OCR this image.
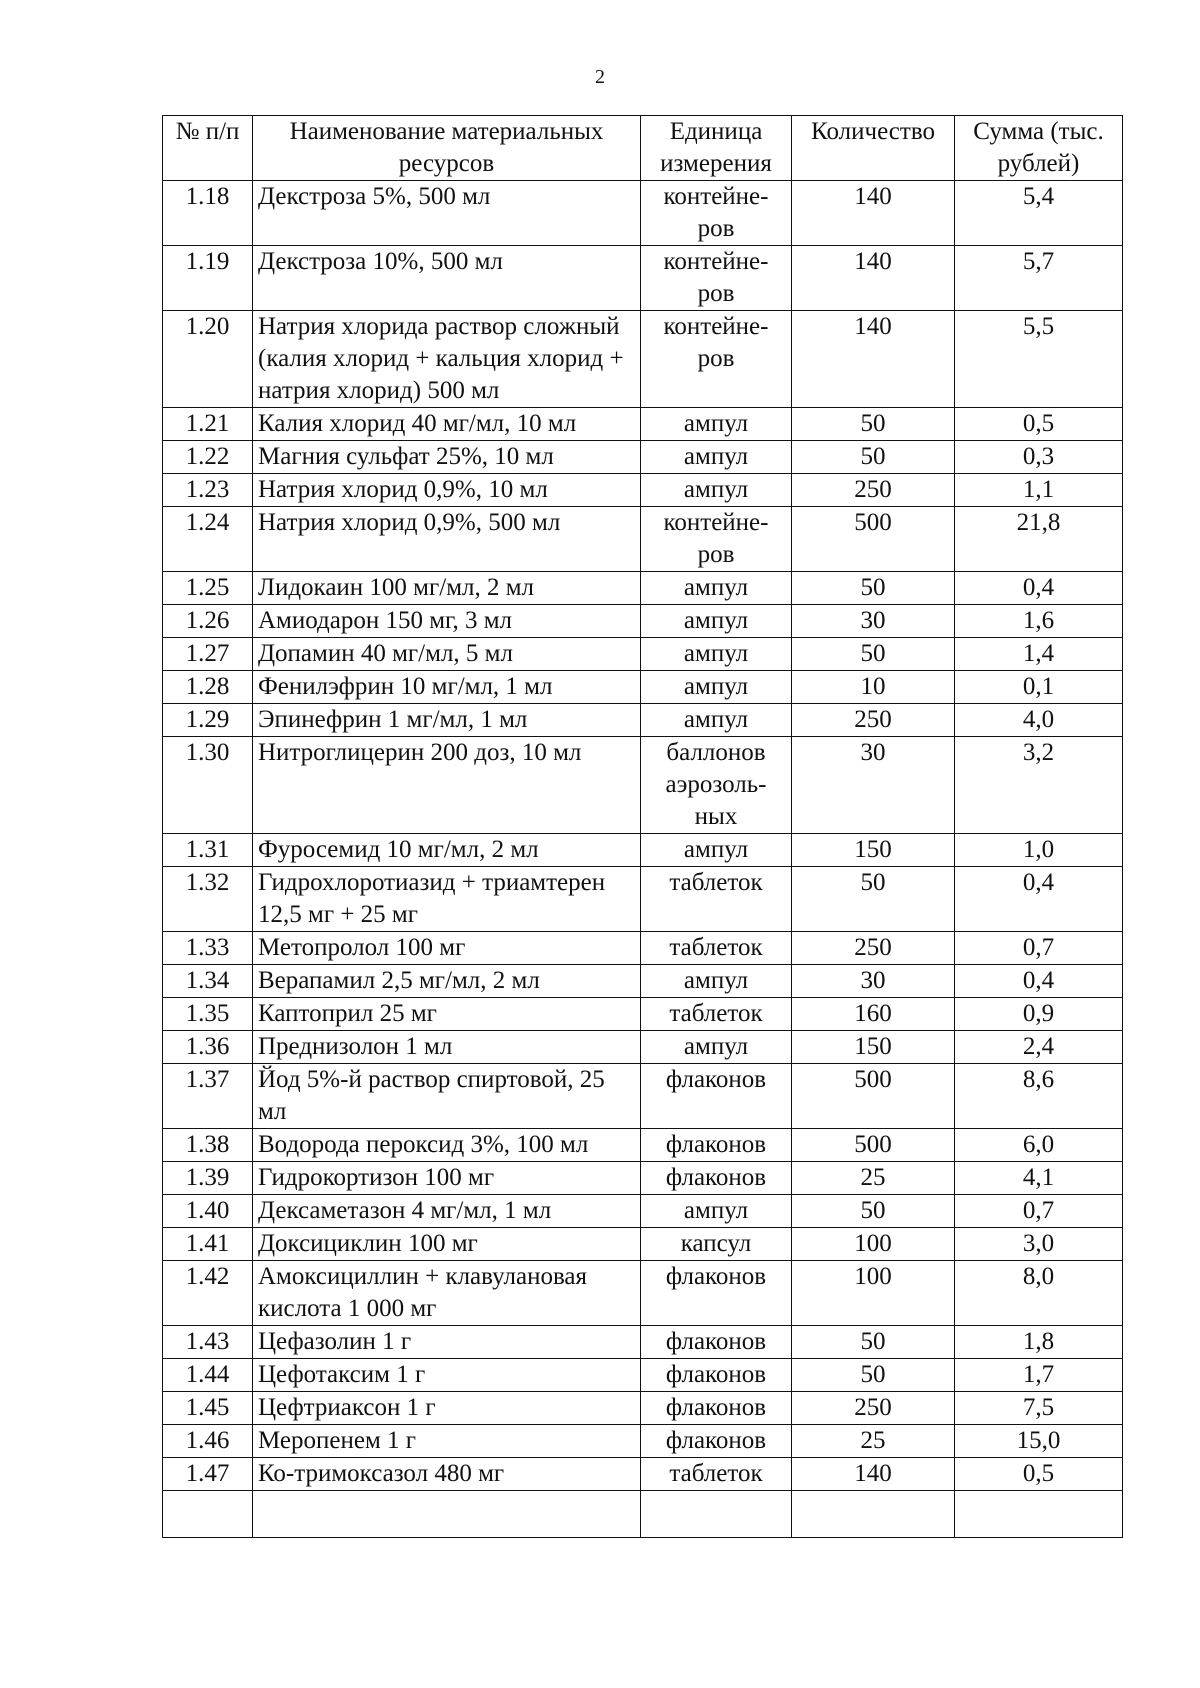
2
№ п/п	Наименование материальных ресурсов	Единица измерения	Количество	Сумма (тыс. рублей)
1.18	Декстроза 5%, 500 мл	контейне-ров	140	5,4
1.19	Декстроза 10%, 500 мл	контейне-ров	140	5,7
1.20	Натрия хлорида раствор сложный (калия хлорид + кальция хлорид + натрия хлорид) 500 мл	контейне-ров	140	5,5
1.21	Калия хлорид 40 мг/мл, 10 мл	ампул	50	0,5
1.22	Магния сульфат 25%, 10 мл	ампул	50	0,3
1.23	Натрия хлорид 0,9%, 10 мл	ампул	250	1,1
1.24	Натрия хлорид 0,9%, 500 мл	контейне-ров	500	21,8
1.25	Лидокаин 100 мг/мл, 2 мл	ампул	50	0,4
1.26	Амиодарон 150 мг, 3 мл	ампул	30	1,6
1.27	Допамин 40 мг/мл, 5 мл	ампул	50	1,4
1.28	Фенилэфрин 10 мг/мл, 1 мл	ампул	10	0,1
1.29	Эпинефрин 1 мг/мл, 1 мл	ампул	250	4,0
1.30	Нитроглицерин 200 доз, 10 мл	баллонов аэрозоль-ных	30	3,2
1.31	Фуросемид 10 мг/мл, 2 мл	ампул	150	1,0
1.32	Гидрохлоротиазид + триамтерен 12,5 мг + 25 мг	таблеток	50	0,4
1.33	Метопролол 100 мг	таблеток	250	0,7
1.34	Верапамил 2,5 мг/мл, 2 мл	ампул	30	0,4
1.35	Каптоприл 25 мг	таблеток	160	0,9
1.36	Преднизолон 1 мл	ампул	150	2,4
1.37	Йод 5%-й раствор спиртовой, 25 мл	флаконов	500	8,6
1.38	Водорода пероксид 3%, 100 мл	флаконов	500	6,0
1.39	Гидрокортизон 100 мг	флаконов	25	4,1
1.40	Дексаметазон 4 мг/мл, 1 мл	ампул	50	0,7
1.41	Доксициклин 100 мг	капсул	100	3,0
1.42	Амоксициллин + клавулановая кислота 1 000 мг	флаконов	100	8,0
1.43	Цефазолин 1 г	флаконов	50	1,8
1.44	Цефотаксим 1 г	флаконов	50	1,7
1.45	Цефтриаксон 1 г	флаконов	250	7,5
1.46	Меропенем 1 г	флаконов	25	15,0
1.47	Ко-тримоксазол 480 мг	таблеток	140	0,5
